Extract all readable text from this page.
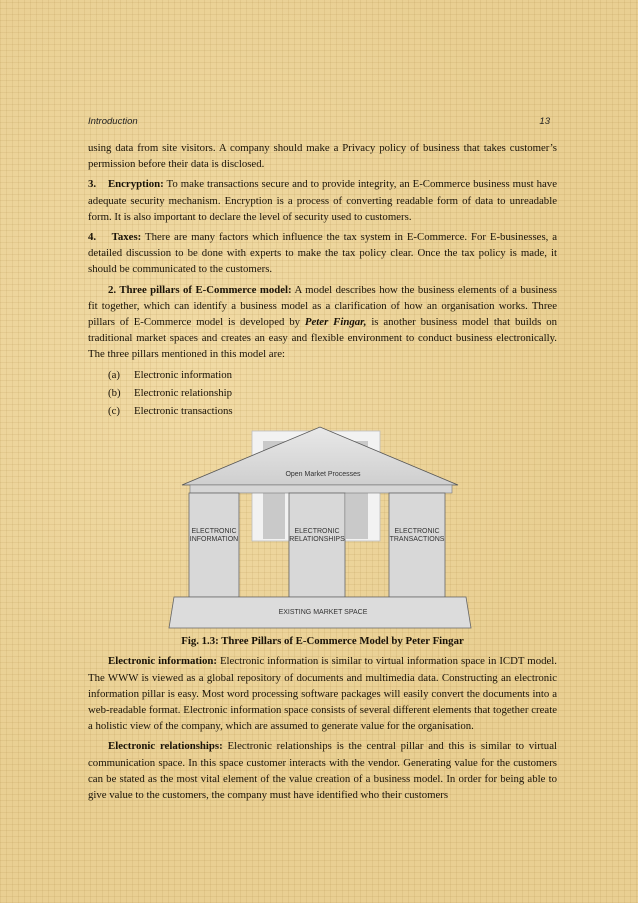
Introduction	13

using data from site visitors. A company should make a Privacy policy of business that takes customer’s permission before their data is disclosed.

3. Encryption: To make transactions secure and to provide integrity, an E-Commerce business must have adequate security mechanism. Encryption is a process of converting readable form of data to unreadable form. It is also important to declare the level of security used to customers.

4. Taxes: There are many factors which influence the tax system in E-Commerce. For E-businesses, a detailed discussion to be done with experts to make the tax policy clear. Once the tax policy is made, it should be communicated to the customers.

2. Three pillars of E-Commerce model: A model describes how the business elements of a business fit together, which can identify a business model as a clarification of how an organisation works. Three pillars of E-Commerce model is developed by Peter Fingar, is another business model that builds on traditional market spaces and creates an easy and flexible environment to conduct business electronically. The three pillars mentioned in this model are:

(a)	Electronic information
(b)	Electronic relationship
(c)	Electronic transactions
Open Market Processes
ELECTRONIC INFORMATION
ELECTRONIC RELATIONSHIPS
ELECTRONIC TRANSACTIONS
EXISTING MARKET SPACE

Fig. 1.3: Three Pillars of E-Commerce Model by Peter Fingar

Electronic information: Electronic information is similar to virtual information space in ICDT model. The WWW is viewed as a global repository of documents and multimedia data. Constructing an electronic information pillar is easy. Most word processing software packages will easily convert the documents into a web-readable format. Electronic information space consists of several different elements that together create a holistic view of the company, which are assumed to generate value for the organisation.

Electronic relationships: Electronic relationships is the central pillar and this is similar to virtual communication space. In this space customer interacts with the vendor. Generating value for the customers can be stated as the most vital element of the value creation of a business model. In order for being able to give value to the customers, the company must have identified who their customers
